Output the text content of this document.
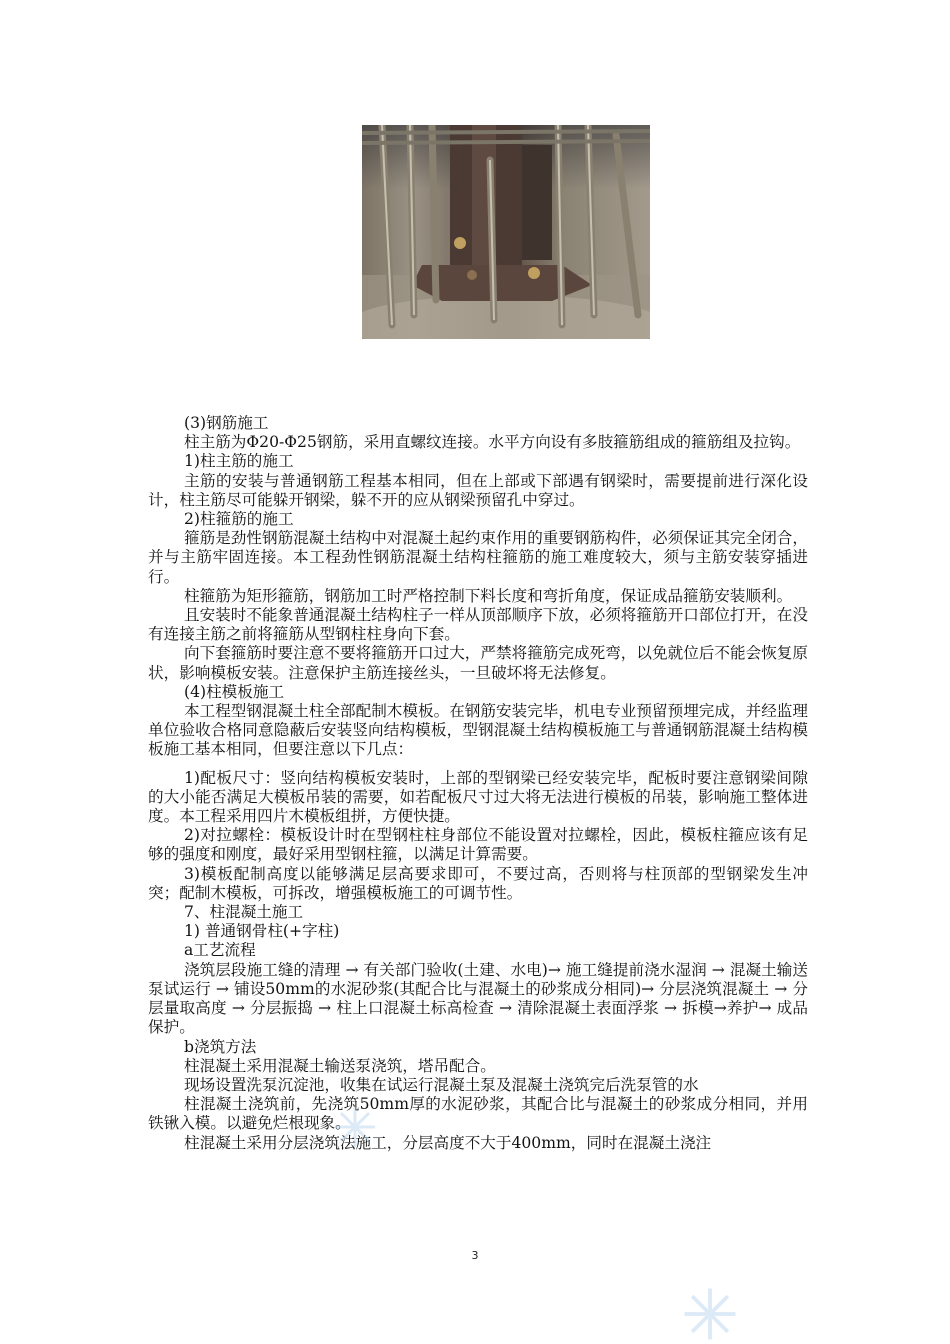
(3)钢筋施工

柱主筋为Φ20-Φ25钢筋，采用直螺纹连接。水平方向设有多肢箍筋组成的箍筋组及拉钩。

1)柱主筋的施工

主筋的安装与普通钢筋工程基本相同，但在上部或下部遇有钢梁时，需要提前进行深化设计，柱主筋尽可能躲开钢梁，躲不开的应从钢梁预留孔中穿过。

2)柱箍筋的施工

箍筋是劲性钢筋混凝土结构中对混凝土起约束作用的重要钢筋构件，必须保证其完全闭合，并与主筋牢固连接。本工程劲性钢筋混凝土结构柱箍筋的施工难度较大，须与主筋安装穿插进行。

柱箍筋为矩形箍筋，钢筋加工时严格控制下料长度和弯折角度，保证成品箍筋安装顺利。

且安装时不能象普通混凝土结构柱子一样从顶部顺序下放，必须将箍筋开口部位打开，在没有连接主筋之前将箍筋从型钢柱柱身向下套。

向下套箍筋时要注意不要将箍筋开口过大，严禁将箍筋完成死弯，以免就位后不能会恢复原状，影响模板安装。注意保护主筋连接丝头，一旦破坏将无法修复。

(4)柱模板施工

本工程型钢混凝土柱全部配制木模板。在钢筋安装完毕，机电专业预留预埋完成，并经监理单位验收合格同意隐蔽后安装竖向结构模板，型钢混凝土结构模板施工与普通钢筋混凝土结构模板施工基本相同，但要注意以下几点：

1)配板尺寸：竖向结构模板安装时，上部的型钢梁已经安装完毕，配板时要注意钢梁间隙的大小能否满足大模板吊装的需要，如若配板尺寸过大将无法进行模板的吊装，影响施工整体进度。本工程采用四片木模板组拼，方便快捷。

2)对拉螺栓：模板设计时在型钢柱柱身部位不能设置对拉螺栓，因此，模板柱箍应该有足够的强度和刚度，最好采用型钢柱箍，以满足计算需要。

3)模板配制高度以能够满足层高要求即可，不要过高，否则将与柱顶部的型钢梁发生冲突；配制木模板，可拆改，增强模板施工的可调节性。

7、柱混凝土施工

1) 普通钢骨柱(+字柱)

a工艺流程

浇筑层段施工缝的清理 → 有关部门验收(土建、水电)→ 施工缝提前浇水湿润 → 混凝土输送泵试运行 → 铺设50mm的水泥砂浆(其配合比与混凝土的砂浆成分相同)→ 分层浇筑混凝土 → 分层量取高度 → 分层振捣 → 柱上口混凝土标高检查 → 清除混凝土表面浮浆 → 拆模→养护→ 成品保护。

b浇筑方法

柱混凝土采用混凝土输送泵浇筑，塔吊配合。

现场设置洗泵沉淀池，收集在试运行混凝土泵及混凝土浇筑完后洗泵管的水

柱混凝土浇筑前，先浇筑50mm厚的水泥砂浆，其配合比与混凝土的砂浆成分相同，并用铁锹入模。以避免烂根现象。

柱混凝土采用分层浇筑法施工，分层高度不大于400mm，同时在混凝土浇注

3
